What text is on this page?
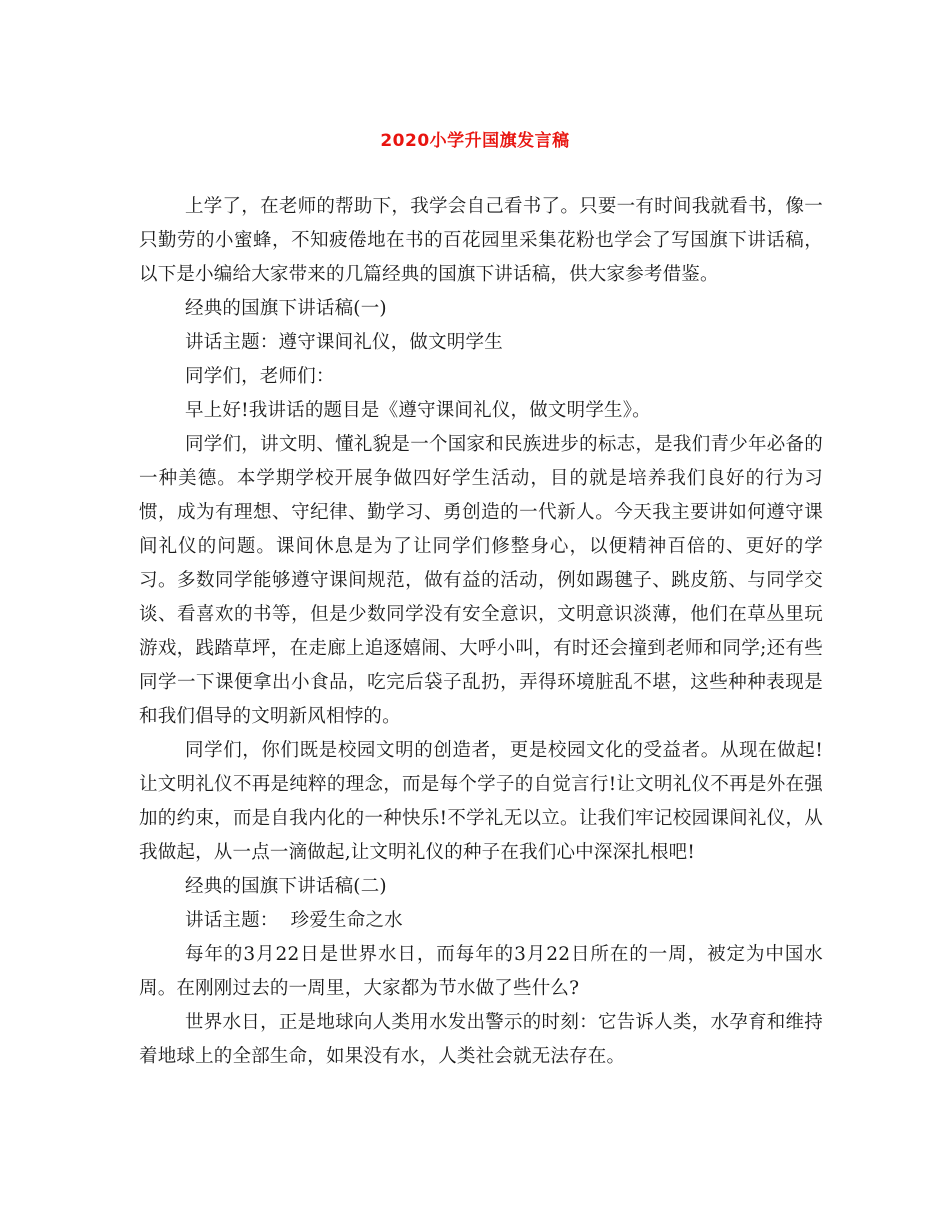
2020小学升国旗发言稿

上学了，在老师的帮助下，我学会自己看书了。只要一有时间我就看书，像一只勤劳的小蜜蜂，不知疲倦地在书的百花园里采集花粉也学会了写国旗下讲话稿，以下是小编给大家带来的几篇经典的国旗下讲话稿，供大家参考借鉴。

经典的国旗下讲话稿(一)

讲话主题：遵守课间礼仪，做文明学生

同学们，老师们：

早上好!我讲话的题目是《遵守课间礼仪，做文明学生》。

同学们，讲文明、懂礼貌是一个国家和民族进步的标志，是我们青少年必备的一种美德。本学期学校开展争做四好学生活动，目的就是培养我们良好的行为习惯，成为有理想、守纪律、勤学习、勇创造的一代新人。今天我主要讲如何遵守课间礼仪的问题。课间休息是为了让同学们修整身心，以便精神百倍的、更好的学习。多数同学能够遵守课间规范，做有益的活动，例如踢毽子、跳皮筋、与同学交谈、看喜欢的书等，但是少数同学没有安全意识，文明意识淡薄，他们在草丛里玩游戏，践踏草坪，在走廊上追逐嬉闹、大呼小叫，有时还会撞到老师和同学;还有些同学一下课便拿出小食品，吃完后袋子乱扔，弄得环境脏乱不堪，这些种种表现是和我们倡导的文明新风相悖的。

同学们，你们既是校园文明的创造者，更是校园文化的受益者。从现在做起!让文明礼仪不再是纯粹的理念，而是每个学子的自觉言行!让文明礼仪不再是外在强加的约束，而是自我内化的一种快乐!不学礼无以立。让我们牢记校园课间礼仪，从我做起，从一点一滴做起,让文明礼仪的种子在我们心中深深扎根吧!

经典的国旗下讲话稿(二)

讲话主题：  珍爱生命之水

每年的3月22日是世界水日，而每年的3月22日所在的一周，被定为中国水周。在刚刚过去的一周里，大家都为节水做了些什么?

世界水日，正是地球向人类用水发出警示的时刻：它告诉人类，水孕育和维持着地球上的全部生命，如果没有水，人类社会就无法存在。
